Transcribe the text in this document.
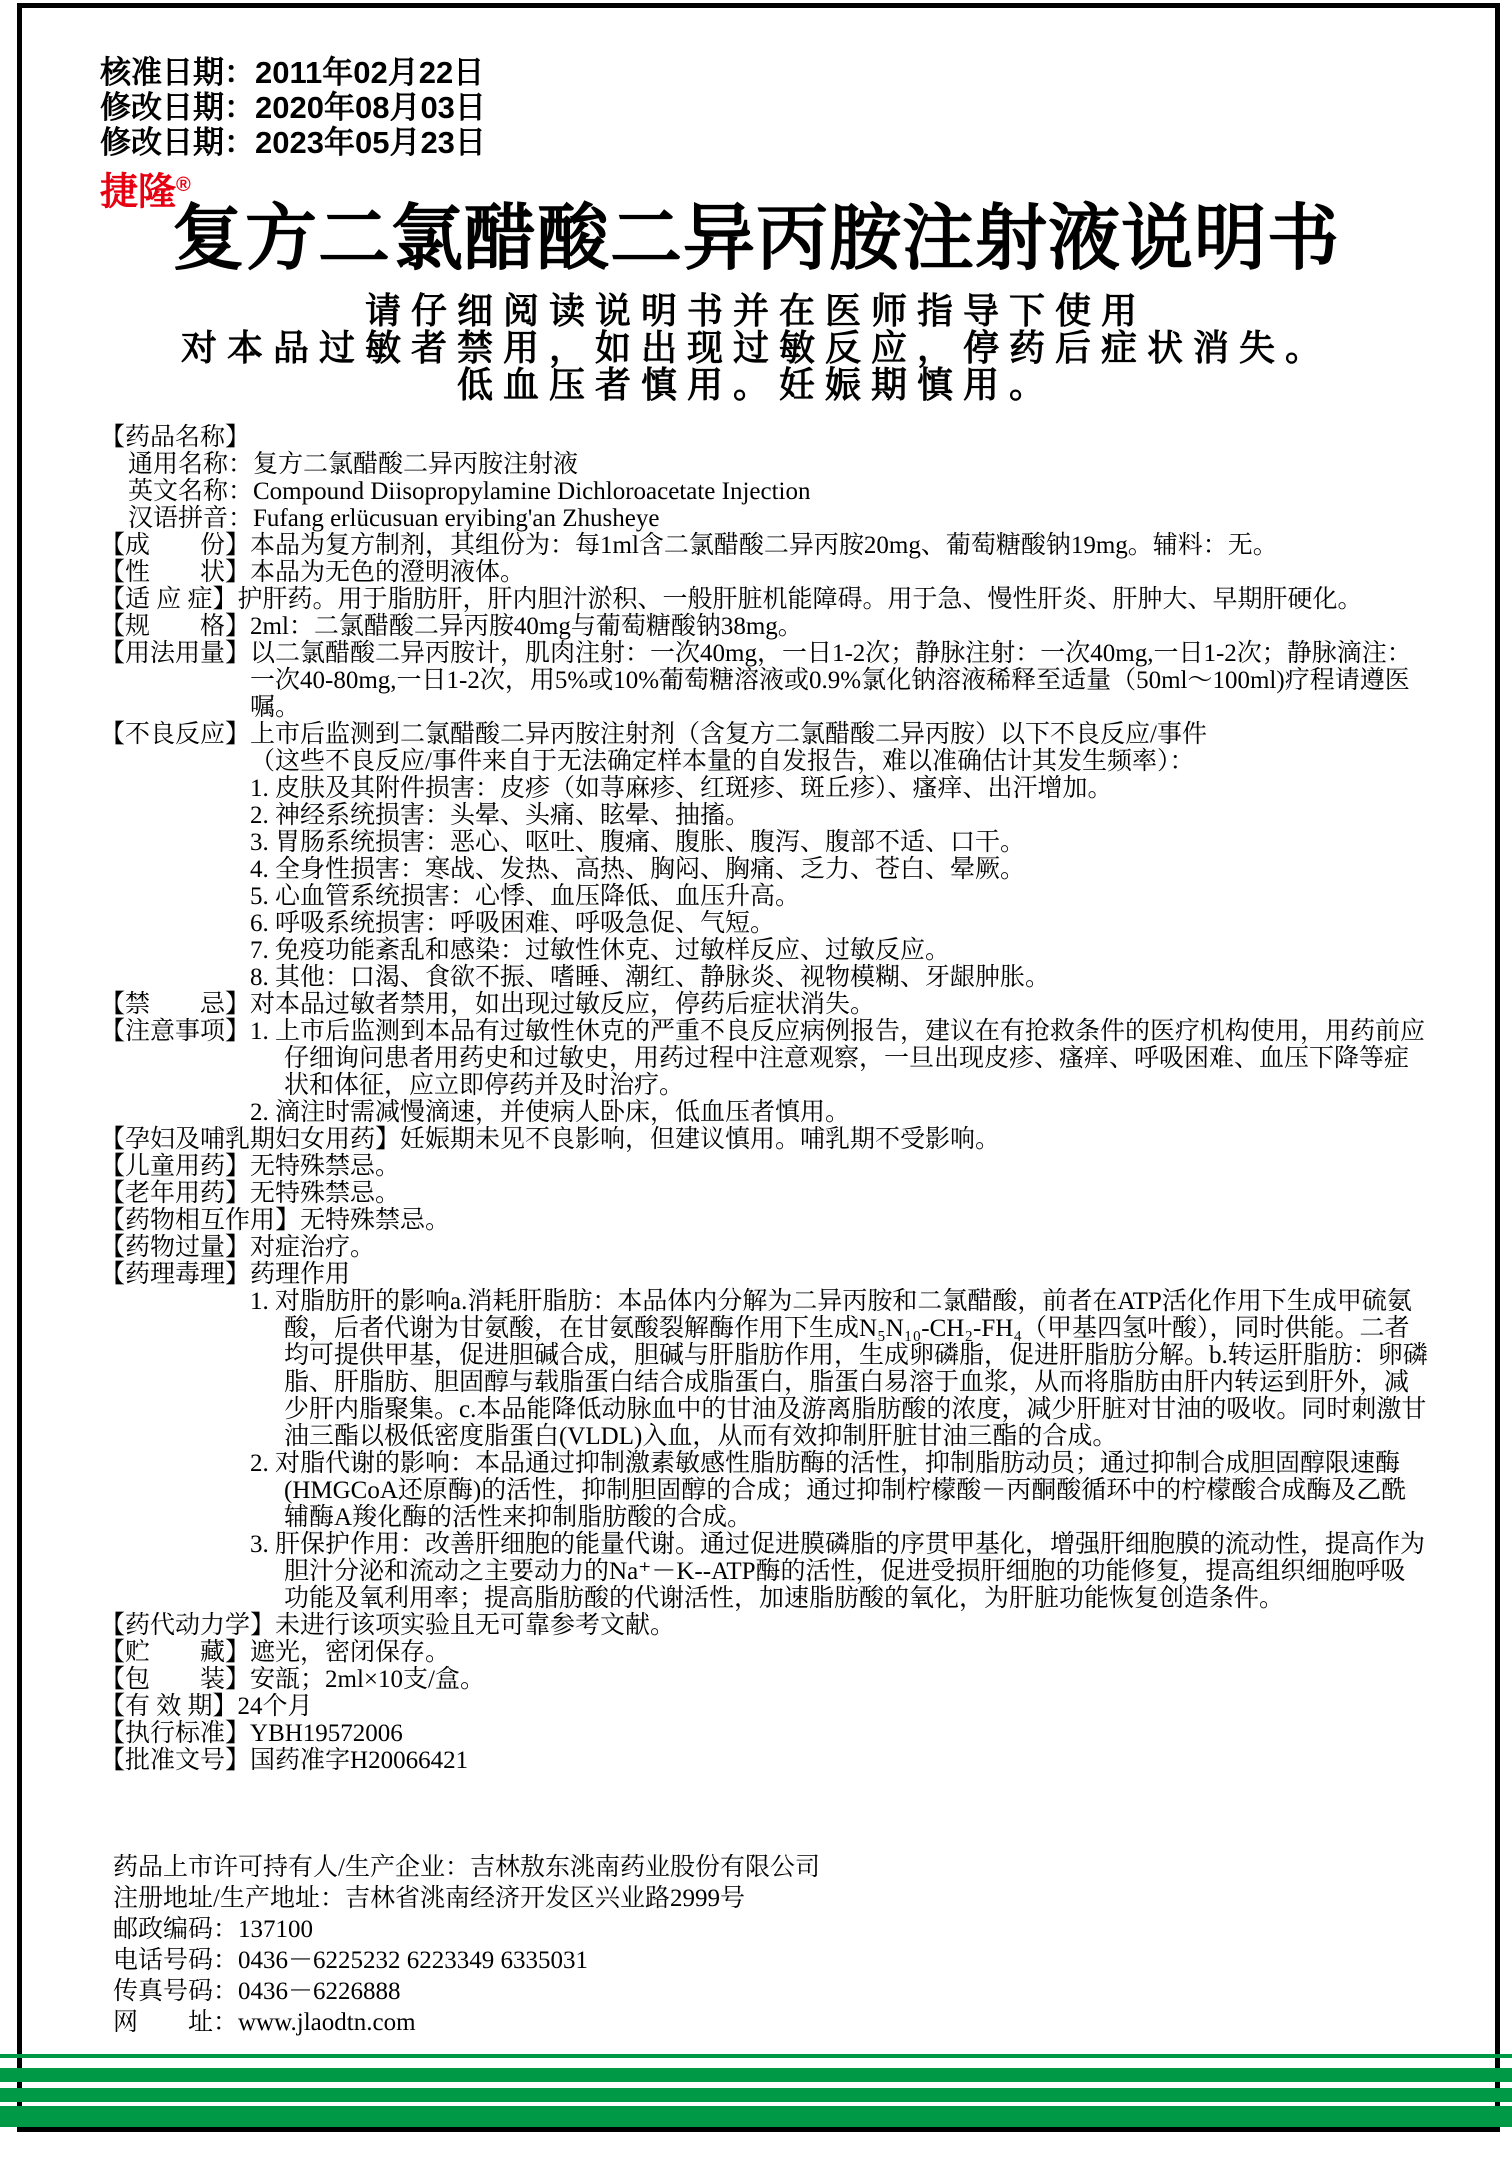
核准日期：2011年02月22日
修改日期：2020年08月03日
修改日期：2023年05月23日
捷隆®
复方二氯醋酸二异丙胺注射液说明书
请仔细阅读说明书并在医师指导下使用
对本品过敏者禁用，如出现过敏反应，停药后症状消失。
低血压者慎用。妊娠期慎用。
【药品名称】
通用名称：复方二氯醋酸二异丙胺注射液
英文名称：Compound Diisopropylamine Dichloroacetate Injection
汉语拼音：Fufang erlücusuan eryibing'an Zhusheye
【成　　份】 本品为复方制剂，其组份为：每1ml含二氯醋酸二异丙胺20mg、葡萄糖酸钠19mg。辅料：无。
【性　　状】 本品为无色的澄明液体。
【适 应 症】 护肝药。用于脂肪肝，肝内胆汁淤积、一般肝脏机能障碍。用于急、慢性肝炎、肝肿大、早期肝硬化。
【规　　格】 2ml：二氯醋酸二异丙胺40mg与葡萄糖酸钠38mg。
【用法用量】 以二氯醋酸二异丙胺计，肌肉注射：一次40mg，一日1-2次；静脉注射：一次40mg,一日1-2次；静脉滴注：一次40-80mg,一日1-2次，用5%或10%葡萄糖溶液或0.9%氯化钠溶液稀释至适量（50ml～100ml)疗程请遵医嘱。
【不良反应】 上市后监测到二氯醋酸二异丙胺注射剂（含复方二氯醋酸二异丙胺）以下不良反应/事件
（这些不良反应/事件来自于无法确定样本量的自发报告，难以准确估计其发生频率）：
1. 皮肤及其附件损害：皮疹（如荨麻疹、红斑疹、斑丘疹）、瘙痒、出汗增加。
2. 神经系统损害：头晕、头痛、眩晕、抽搐。
3. 胃肠系统损害：恶心、呕吐、腹痛、腹胀、腹泻、腹部不适、口干。
4. 全身性损害：寒战、发热、高热、胸闷、胸痛、乏力、苍白、晕厥。
5. 心血管系统损害：心悸、血压降低、血压升高。
6. 呼吸系统损害：呼吸困难、呼吸急促、气短。
7. 免疫功能紊乱和感染：过敏性休克、过敏样反应、过敏反应。
8. 其他：口渴、食欲不振、嗜睡、潮红、静脉炎、视物模糊、牙龈肿胀。
【禁　　忌】 对本品过敏者禁用，如出现过敏反应，停药后症状消失。
【注意事项】 1. 上市后监测到本品有过敏性休克的严重不良反应病例报告，建议在有抢救条件的医疗机构使用，用药前应仔细询问患者用药史和过敏史，用药过程中注意观察，一旦出现皮疹、瘙痒、呼吸困难、血压下降等症状和体征，应立即停药并及时治疗。
2. 滴注时需减慢滴速，并使病人卧床，低血压者慎用。
【孕妇及哺乳期妇女用药】 妊娠期未见不良影响，但建议慎用。哺乳期不受影响。
【儿童用药】 无特殊禁忌。
【老年用药】 无特殊禁忌。
【药物相互作用】 无特殊禁忌。
【药物过量】 对症治疗。
【药理毒理】 药理作用
1. 对脂肪肝的影响a.消耗肝脂肪：本品体内分解为二异丙胺和二氯醋酸，前者在ATP活化作用下生成甲硫氨酸，后者代谢为甘氨酸，在甘氨酸裂解酶作用下生成N₅N₁₀-CH₂-FH₄（甲基四氢叶酸），同时供能。二者均可提供甲基，促进胆碱合成，胆碱与肝脂肪作用，生成卵磷脂，促进肝脂肪分解。b.转运肝脂肪：卵磷脂、肝脂肪、胆固醇与载脂蛋白结合成脂蛋白，脂蛋白易溶于血浆，从而将脂肪由肝内转运到肝外，减少肝内脂聚集。c.本品能降低动脉血中的甘油及游离脂肪酸的浓度，减少肝脏对甘油的吸收。同时刺激甘油三酯以极低密度脂蛋白(VLDL)入血，从而有效抑制肝脏甘油三酯的合成。
2. 对脂代谢的影响：本品通过抑制激素敏感性脂肪酶的活性，抑制脂肪动员；通过抑制合成胆固醇限速酶(HMGCoA还原酶)的活性，抑制胆固醇的合成；通过抑制柠檬酸－丙酮酸循环中的柠檬酸合成酶及乙酰辅酶A羧化酶的活性来抑制脂肪酸的合成。
3. 肝保护作用：改善肝细胞的能量代谢。通过促进膜磷脂的序贯甲基化，增强肝细胞膜的流动性，提高作为胆汁分泌和流动之主要动力的Na⁺－K--ATP酶的活性，促进受损肝细胞的功能修复，提高组织细胞呼吸功能及氧利用率；提高脂肪酸的代谢活性，加速脂肪酸的氧化，为肝脏功能恢复创造条件。
【药代动力学】 未进行该项实验且无可靠参考文献。
【贮　　藏】 遮光，密闭保存。
【包　　装】 安瓿；2ml×10支/盒。
【有 效 期】 24个月
【执行标准】 YBH19572006
【批准文号】 国药准字H20066421
药品上市许可持有人/生产企业：吉林敖东洮南药业股份有限公司
注册地址/生产地址：吉林省洮南经济开发区兴业路2999号
邮政编码：137100
电话号码：0436－6225232 6223349 6335031
传真号码：0436－6226888
网　　址：www.jlaodtn.com
